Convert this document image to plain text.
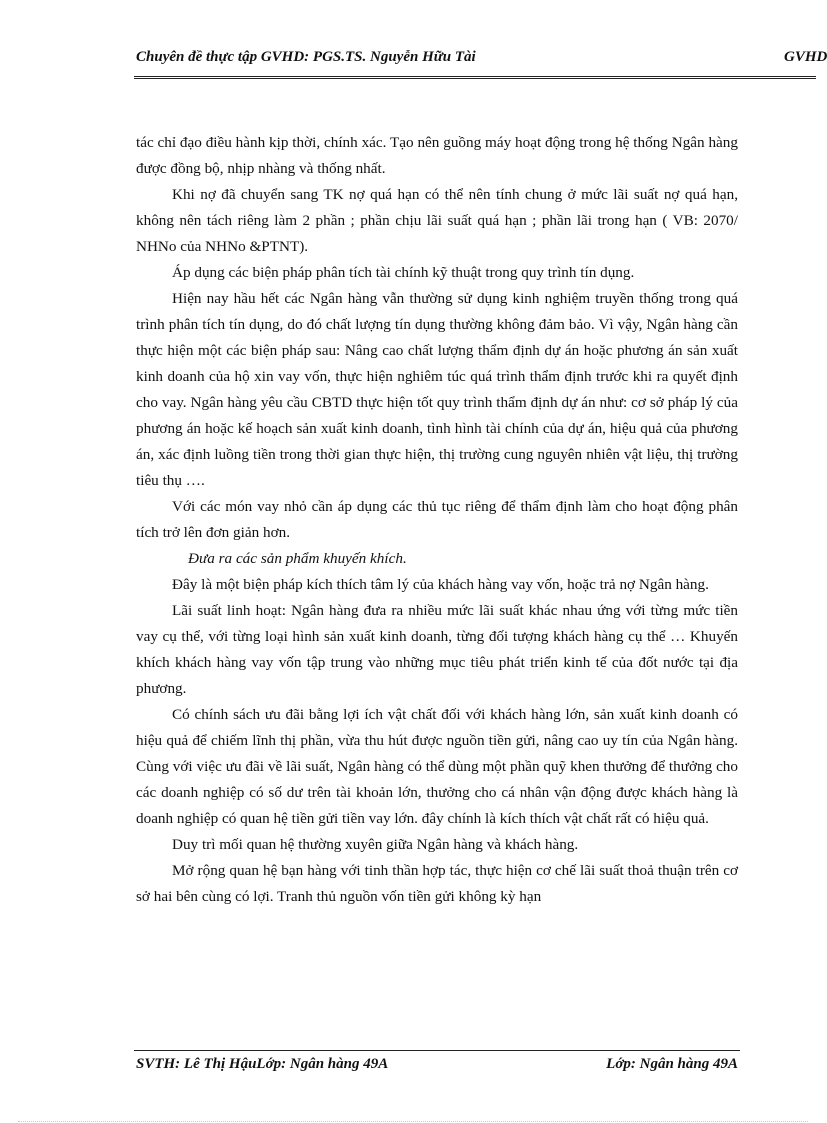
Chuyên đề thực tập GVHD: PGS.TS. Nguyễn Hữu Tài	GVHD

tác chỉ đạo điều hành kịp thời, chính xác. Tạo nên guồng máy hoạt động trong hệ thống Ngân hàng được đồng bộ, nhịp nhàng và thống nhất.

Khi nợ đã chuyển sang TK nợ quá hạn có thể nên tính chung ở mức lãi suất nợ quá hạn, không nên tách riêng làm 2 phần ; phần chịu lãi suất quá hạn ; phần lãi trong hạn ( VB: 2070/ NHNo của NHNo &PTNT).

Áp dụng các biện pháp phân tích tài chính kỹ thuật trong quy trình tín dụng.

Hiện nay hầu hết các Ngân hàng vẫn thường sử dụng kinh nghiệm truyền thống trong quá trình phân tích tín dụng, do đó chất lượng tín dụng thường không đảm bảo. Vì vậy, Ngân hàng cần thực hiện một các biện pháp sau: Nâng cao chất lượng thẩm định dự án hoặc phương án sản xuất kinh doanh của hộ xin vay vốn, thực hiện nghiêm túc quá trình thẩm định trước khi ra quyết định cho vay. Ngân hàng yêu cầu CBTD thực hiện tốt quy trình thẩm định dự án như: cơ sở pháp lý của phương án hoặc kế hoạch sản xuất kinh doanh, tình hình tài chính của dự án, hiệu quả của phương án, xác định luồng tiền trong thời gian thực hiện, thị trường cung nguyên nhiên vật liệu, thị trường tiêu thụ ….

Với các món vay nhỏ cần áp dụng các thủ tục riêng để thẩm định làm cho hoạt động phân tích trở lên đơn giản hơn.

Đưa ra các sản phẩm khuyến khích.

Đây là một biện pháp kích thích tâm lý của khách hàng vay vốn, hoặc trả nợ Ngân hàng.

Lãi suất linh hoạt: Ngân hàng đưa ra nhiều mức lãi suất khác nhau ứng với từng mức tiền vay cụ thể, với từng loại hình sản xuất kinh doanh, từng đối tượng khách hàng cụ thể … Khuyến khích khách hàng vay vốn tập trung vào những mục tiêu phát triển kinh tế của đốt nước tại địa phương.

Có chính sách ưu đãi bằng lợi ích vật chất đối với khách hàng lớn, sản xuất kinh doanh có hiệu quả để chiếm lĩnh thị phần, vừa thu hút được nguồn tiền gửi, nâng cao uy tín của Ngân hàng. Cùng với việc ưu đãi về lãi suất, Ngân hàng có thể dùng một phần quỹ khen thưởng để thưởng cho các doanh nghiệp có số dư trên tài khoản lớn, thưởng cho cá nhân vận động được khách hàng là doanh nghiệp có quan hệ tiền gửi tiền vay lớn. đây chính là kích thích vật chất rất có hiệu quả.

Duy trì mối quan hệ thường xuyên giữa Ngân hàng và khách hàng.

Mở rộng quan hệ bạn hàng với tinh thần hợp tác, thực hiện cơ chế lãi suất thoả thuận trên cơ sở hai bên cùng có lợi. Tranh thủ nguồn vốn tiền gửi không kỳ hạn

SVTH: Lê Thị HậuLớp: Ngân hàng 49A	Lớp: Ngân hàng 49A
